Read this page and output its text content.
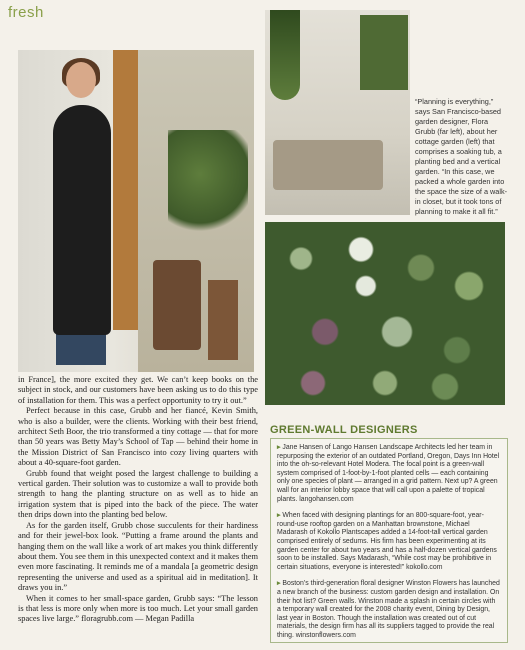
fresh
“Planning is everything,” says San Francisco-based garden designer, Flora Grubb (far left), about her cottage garden (left) that comprises a soaking tub, a planting bed and a vertical garden. “In this case, we packed a whole garden into the space the size of a walk-in closet, but it took tons of planning to make it all fit.”

in France], the more excited they get. We can’t keep books on the subject in stock, and our customers have been asking us to do this type of installation for them. This was a perfect opportunity to try it out.”

Perfect because in this case, Grubb and her fiancé, Kevin Smith, who is also a builder, were the clients. Working with their best friend, architect Seth Boor, the trio transformed a tiny cottage — that for more than 50 years was Betty May’s School of Tap — behind their home in the Mission District of San Francisco into cozy living quarters with about a 40-square-foot garden.

Grubb found that weight posed the largest challenge to building a vertical garden. Their solution was to customize a wall to provide both strength to hang the planting structure on as well as to hide an irrigation system that is piped into the back of the piece. The water then drips down into the planting bed below.

As for the garden itself, Grubb chose succulents for their hardiness and for their jewel-box look. “Putting a frame around the plants and hanging them on the wall like a work of art makes you think differently about them. You see them in this unexpected context and it makes them even more fascinating. It reminds me of a mandala [a geometric design representing the universe and used as a spiritual aid in meditation]. It draws you in.”

When it comes to her small-space garden, Grubb says: “The lesson is that less is more only when more is too much. Let your small garden spaces live large.” floragrubb.com — Megan Padilla

GREEN-WALL DESIGNERS

▸ Jane Hansen of Lango Hansen Landscape Architects led her team in repurposing the exterior of an outdated Portland, Oregon, Days Inn Hotel into the oh-so-relevant Hotel Modera. The focal point is a green-wall system comprised of 1-foot-by-1-foot planted cells — each containing only one species of plant — arranged in a grid pattern. Next up? A green wall for an interior lobby space that will call upon a palette of tropical plants. langohansen.com

▸ When faced with designing plantings for an 800-square-foot, year-round-use rooftop garden on a Manhattan brownstone, Michael Madarash of Kokollo Plantscapes added a 14-foot-tall vertical garden comprised entirely of sedums. His firm has been experimenting at its garden center for about two years and has a half-dozen vertical gardens soon to be installed. Says Madarash, “While cost may be prohibitive in certain situations, everyone is interested!” kokollo.com

▸ Boston’s third-generation floral designer Winston Flowers has launched a new branch of the business: custom garden design and installation. On their hot list? Green walls. Winston made a splash in certain circles with a temporary wall created for the 2008 charity event, Dining by Design, last year in Boston. Though the installation was created out of cut materials, the design firm has all its suppliers tagged to provide the real thing. winstonflowers.com
